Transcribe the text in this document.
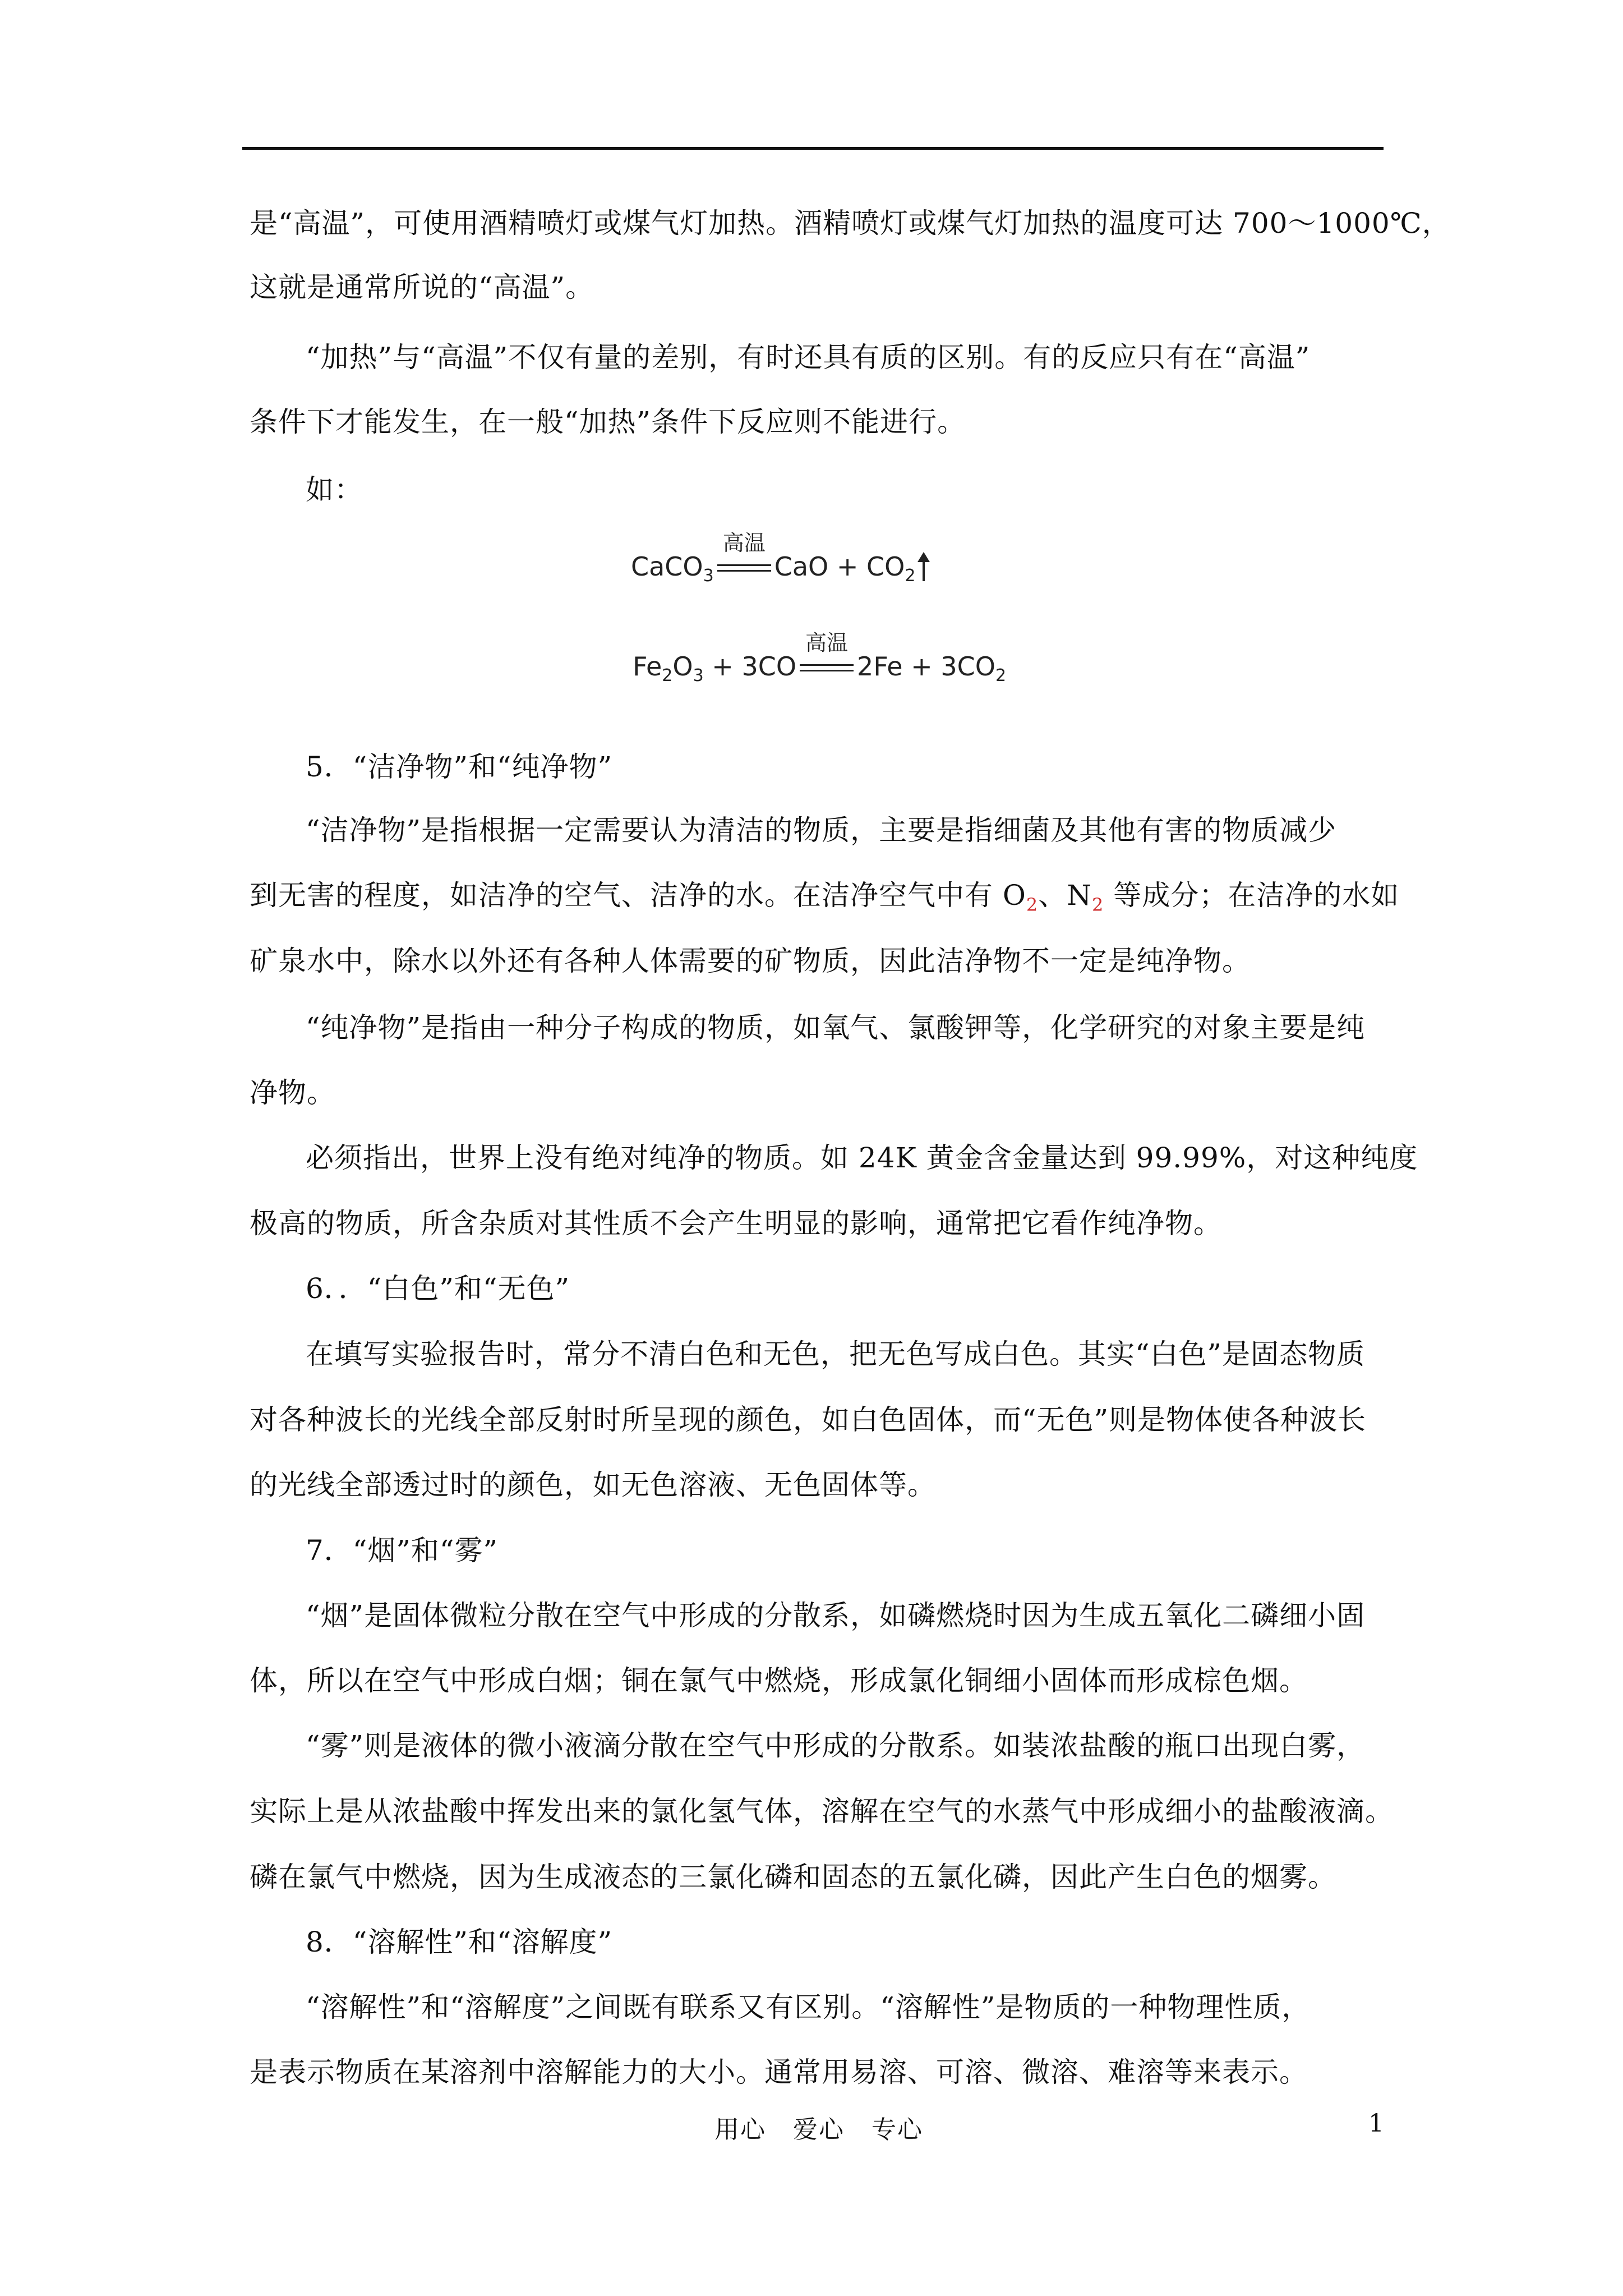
是“高温”，可使用酒精喷灯或煤气灯加热。酒精喷灯或煤气灯加热的温度可达 700～1000℃，
这就是通常所说的“高温”。
“加热”与“高温”不仅有量的差别，有时还具有质的区别。有的反应只有在“高温”
条件下才能发生，在一般“加热”条件下反应则不能进行。
如：
CaCO$_3$
高温
CaO + $CO_2$
$Fe_2O_3 + 3CO$
高温
$2Fe + 3CO_2$
5．“洁净物”和“纯净物”
“洁净物”是指根据一定需要认为清洁的物质，主要是指细菌及其他有害的物质减少
到无害的程度，如洁净的空气、洁净的水。在洁净空气中有 $O_2$、$N_2$ 等成分；在洁净的水如
矿泉水中，除水以外还有各种人体需要的矿物质，因此洁净物不一定是纯净物。
“纯净物”是指由一种分子构成的物质，如氧气、氯酸钾等，化学研究的对象主要是纯
净物。
必须指出，世界上没有绝对纯净的物质。如 24K 黄金含金量达到 99.99%，对这种纯度
极高的物质，所含杂质对其性质不会产生明显的影响，通常把它看作纯净物。
6．．“白色”和“无色”
在填写实验报告时，常分不清白色和无色，把无色写成白色。其实“白色”是固态物质
对各种波长的光线全部反射时所呈现的颜色，如白色固体，而“无色”则是物体使各种波长
的光线全部透过时的颜色，如无色溶液、无色固体等。
7．“烟”和“雾”
“烟”是固体微粒分散在空气中形成的分散系，如磷燃烧时因为生成五氧化二磷细小固
体，所以在空气中形成白烟；铜在氯气中燃烧，形成氯化铜细小固体而形成棕色烟。
“雾”则是液体的微小液滴分散在空气中形成的分散系。如装浓盐酸的瓶口出现白雾，
实际上是从浓盐酸中挥发出来的氯化氢气体，溶解在空气的水蒸气中形成细小的盐酸液滴。
磷在氯气中燃烧，因为生成液态的三氯化磷和固态的五氯化磷，因此产生白色的烟雾。
8．“溶解性”和“溶解度”
“溶解性”和“溶解度”之间既有联系又有区别。“溶解性”是物质的一种物理性质，
是表示物质在某溶剂中溶解能力的大小。通常用易溶、可溶、微溶、难溶等来表示。
用心   爱心   专心	1
